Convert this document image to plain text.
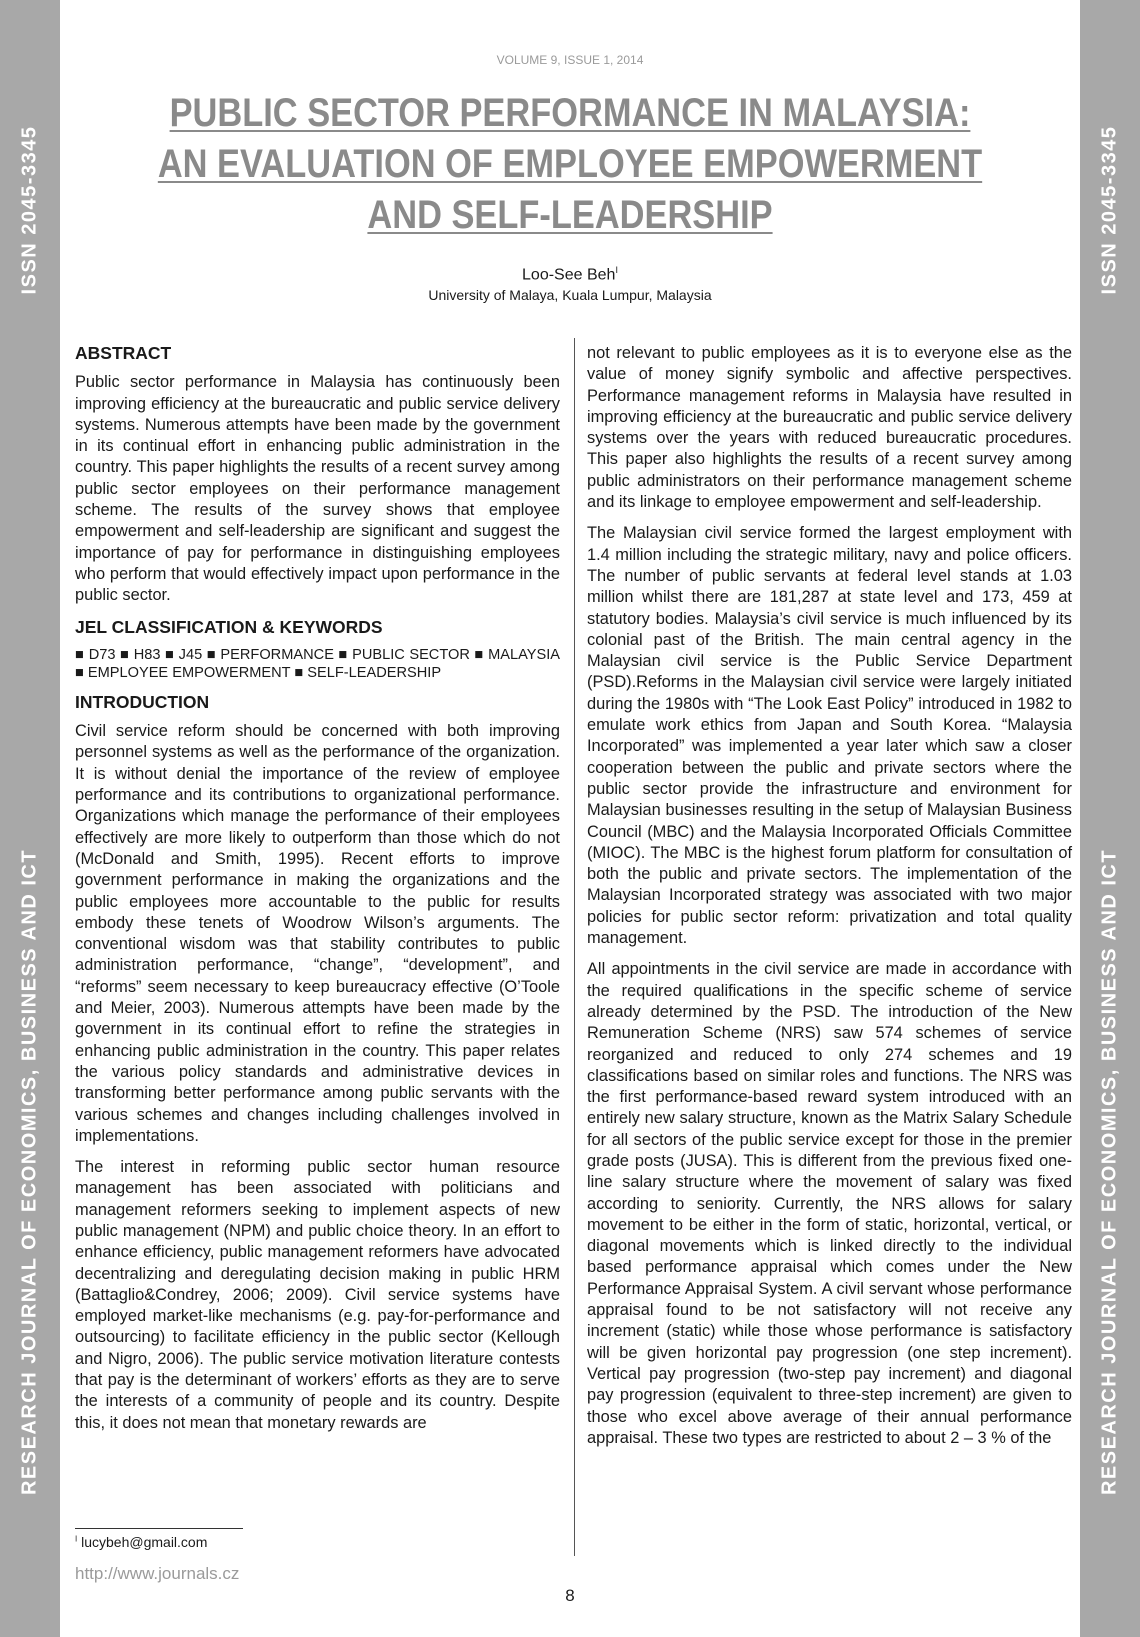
ISSN 2045-3345
RESEARCH JOURNAL OF ECONOMICS, BUSINESS AND ICT
ISSN 2045-3345
RESEARCH JOURNAL OF ECONOMICS, BUSINESS AND ICT
VOLUME 9, ISSUE 1, 2014
PUBLIC SECTOR PERFORMANCE IN MALAYSIA:
AN EVALUATION OF EMPLOYEE EMPOWERMENT
AND SELF-LEADERSHIP
Loo-See Beh$^I$
University of Malaya, Kuala Lumpur, Malaysia
ABSTRACT

Public sector performance in Malaysia has continuously been improving efficiency at the bureaucratic and public service delivery systems. Numerous attempts have been made by the government in its continual effort in enhancing public administration in the country. This paper highlights the results of a recent survey among public sector employees on their performance management scheme. The results of the survey shows that employee empowerment and self-leadership are significant and suggest the importance of pay for performance in distinguishing employees who perform that would effectively impact upon performance in the public sector.

JEL CLASSIFICATION & KEYWORDS

■ D73 ■ H83 ■ J45 ■ PERFORMANCE ■ PUBLIC SECTOR ■ MALAYSIA ■ EMPLOYEE EMPOWERMENT ■ SELF-LEADERSHIP

INTRODUCTION

Civil service reform should be concerned with both improving personnel systems as well as the performance of the organization. It is without denial the importance of the review of employee performance and its contributions to organizational performance. Organizations which manage the performance of their employees effectively are more likely to outperform than those which do not (McDonald and Smith, 1995). Recent efforts to improve government performance in making the organizations and the public employees more accountable to the public for results embody these tenets of Woodrow Wilson’s arguments. The conventional wisdom was that stability contributes to public administration performance, “change”, “development”, and “reforms” seem necessary to keep bureaucracy effective (O’Toole and Meier, 2003). Numerous attempts have been made by the government in its continual effort to refine the strategies in enhancing public administration in the country. This paper relates the various policy standards and administrative devices in transforming better performance among public servants with the various schemes and changes including challenges involved in implementations.

The interest in reforming public sector human resource management has been associated with politicians and management reformers seeking to implement aspects of new public management (NPM) and public choice theory. In an effort to enhance efficiency, public management reformers have advocated decentralizing and deregulating decision making in public HRM (Battaglio&Condrey, 2006; 2009). Civil service systems have employed market-like mechanisms (e.g. pay-for-performance and outsourcing) to facilitate efficiency in the public sector (Kellough and Nigro, 2006). The public service motivation literature contests that pay is the determinant of workers’ efforts as they are to serve the interests of a community of people and its country. Despite this, it does not mean that monetary rewards are

not relevant to public employees as it is to everyone else as the value of money signify symbolic and affective perspectives. Performance management reforms in Malaysia have resulted in improving efficiency at the bureaucratic and public service delivery systems over the years with reduced bureaucratic procedures. This paper also highlights the results of a recent survey among public administrators on their performance management scheme and its linkage to employee empowerment and self-leadership.

The Malaysian civil service formed the largest employment with 1.4 million including the strategic military, navy and police officers. The number of public servants at federal level stands at 1.03 million whilst there are 181,287 at state level and 173, 459 at statutory bodies. Malaysia’s civil service is much influenced by its colonial past of the British. The main central agency in the Malaysian civil service is the Public Service Department (PSD).Reforms in the Malaysian civil service were largely initiated during the 1980s with “The Look East Policy” introduced in 1982 to emulate work ethics from Japan and South Korea. “Malaysia Incorporated” was implemented a year later which saw a closer cooperation between the public and private sectors where the public sector provide the infrastructure and environment for Malaysian businesses resulting in the setup of Malaysian Business Council (MBC) and the Malaysia Incorporated Officials Committee (MIOC). The MBC is the highest forum platform for consultation of both the public and private sectors. The implementation of the Malaysian Incorporated strategy was associated with two major policies for public sector reform: privatization and total quality management.

All appointments in the civil service are made in accordance with the required qualifications in the specific scheme of service already determined by the PSD. The introduction of the New Remuneration Scheme (NRS) saw 574 schemes of service reorganized and reduced to only 274 schemes and 19 classifications based on similar roles and functions. The NRS was the first performance-based reward system introduced with an entirely new salary structure, known as the Matrix Salary Schedule for all sectors of the public service except for those in the premier grade posts (JUSA). This is different from the previous fixed one-line salary structure where the movement of salary was fixed according to seniority. Currently, the NRS allows for salary movement to be either in the form of static, horizontal, vertical, or diagonal movements which is linked directly to the individual based performance appraisal which comes under the New Performance Appraisal System. A civil servant whose performance appraisal found to be not satisfactory will not receive any increment (static) while those whose performance is satisfactory will be given horizontal pay progression (one step increment). Vertical pay progression (two-step pay increment) and diagonal pay progression (equivalent to three-step increment) are given to those who excel above average of their annual performance appraisal. These two types are restricted to about 2 – 3 % of the

$^I$ lucybeh@gmail.com
http://www.journals.cz
8
